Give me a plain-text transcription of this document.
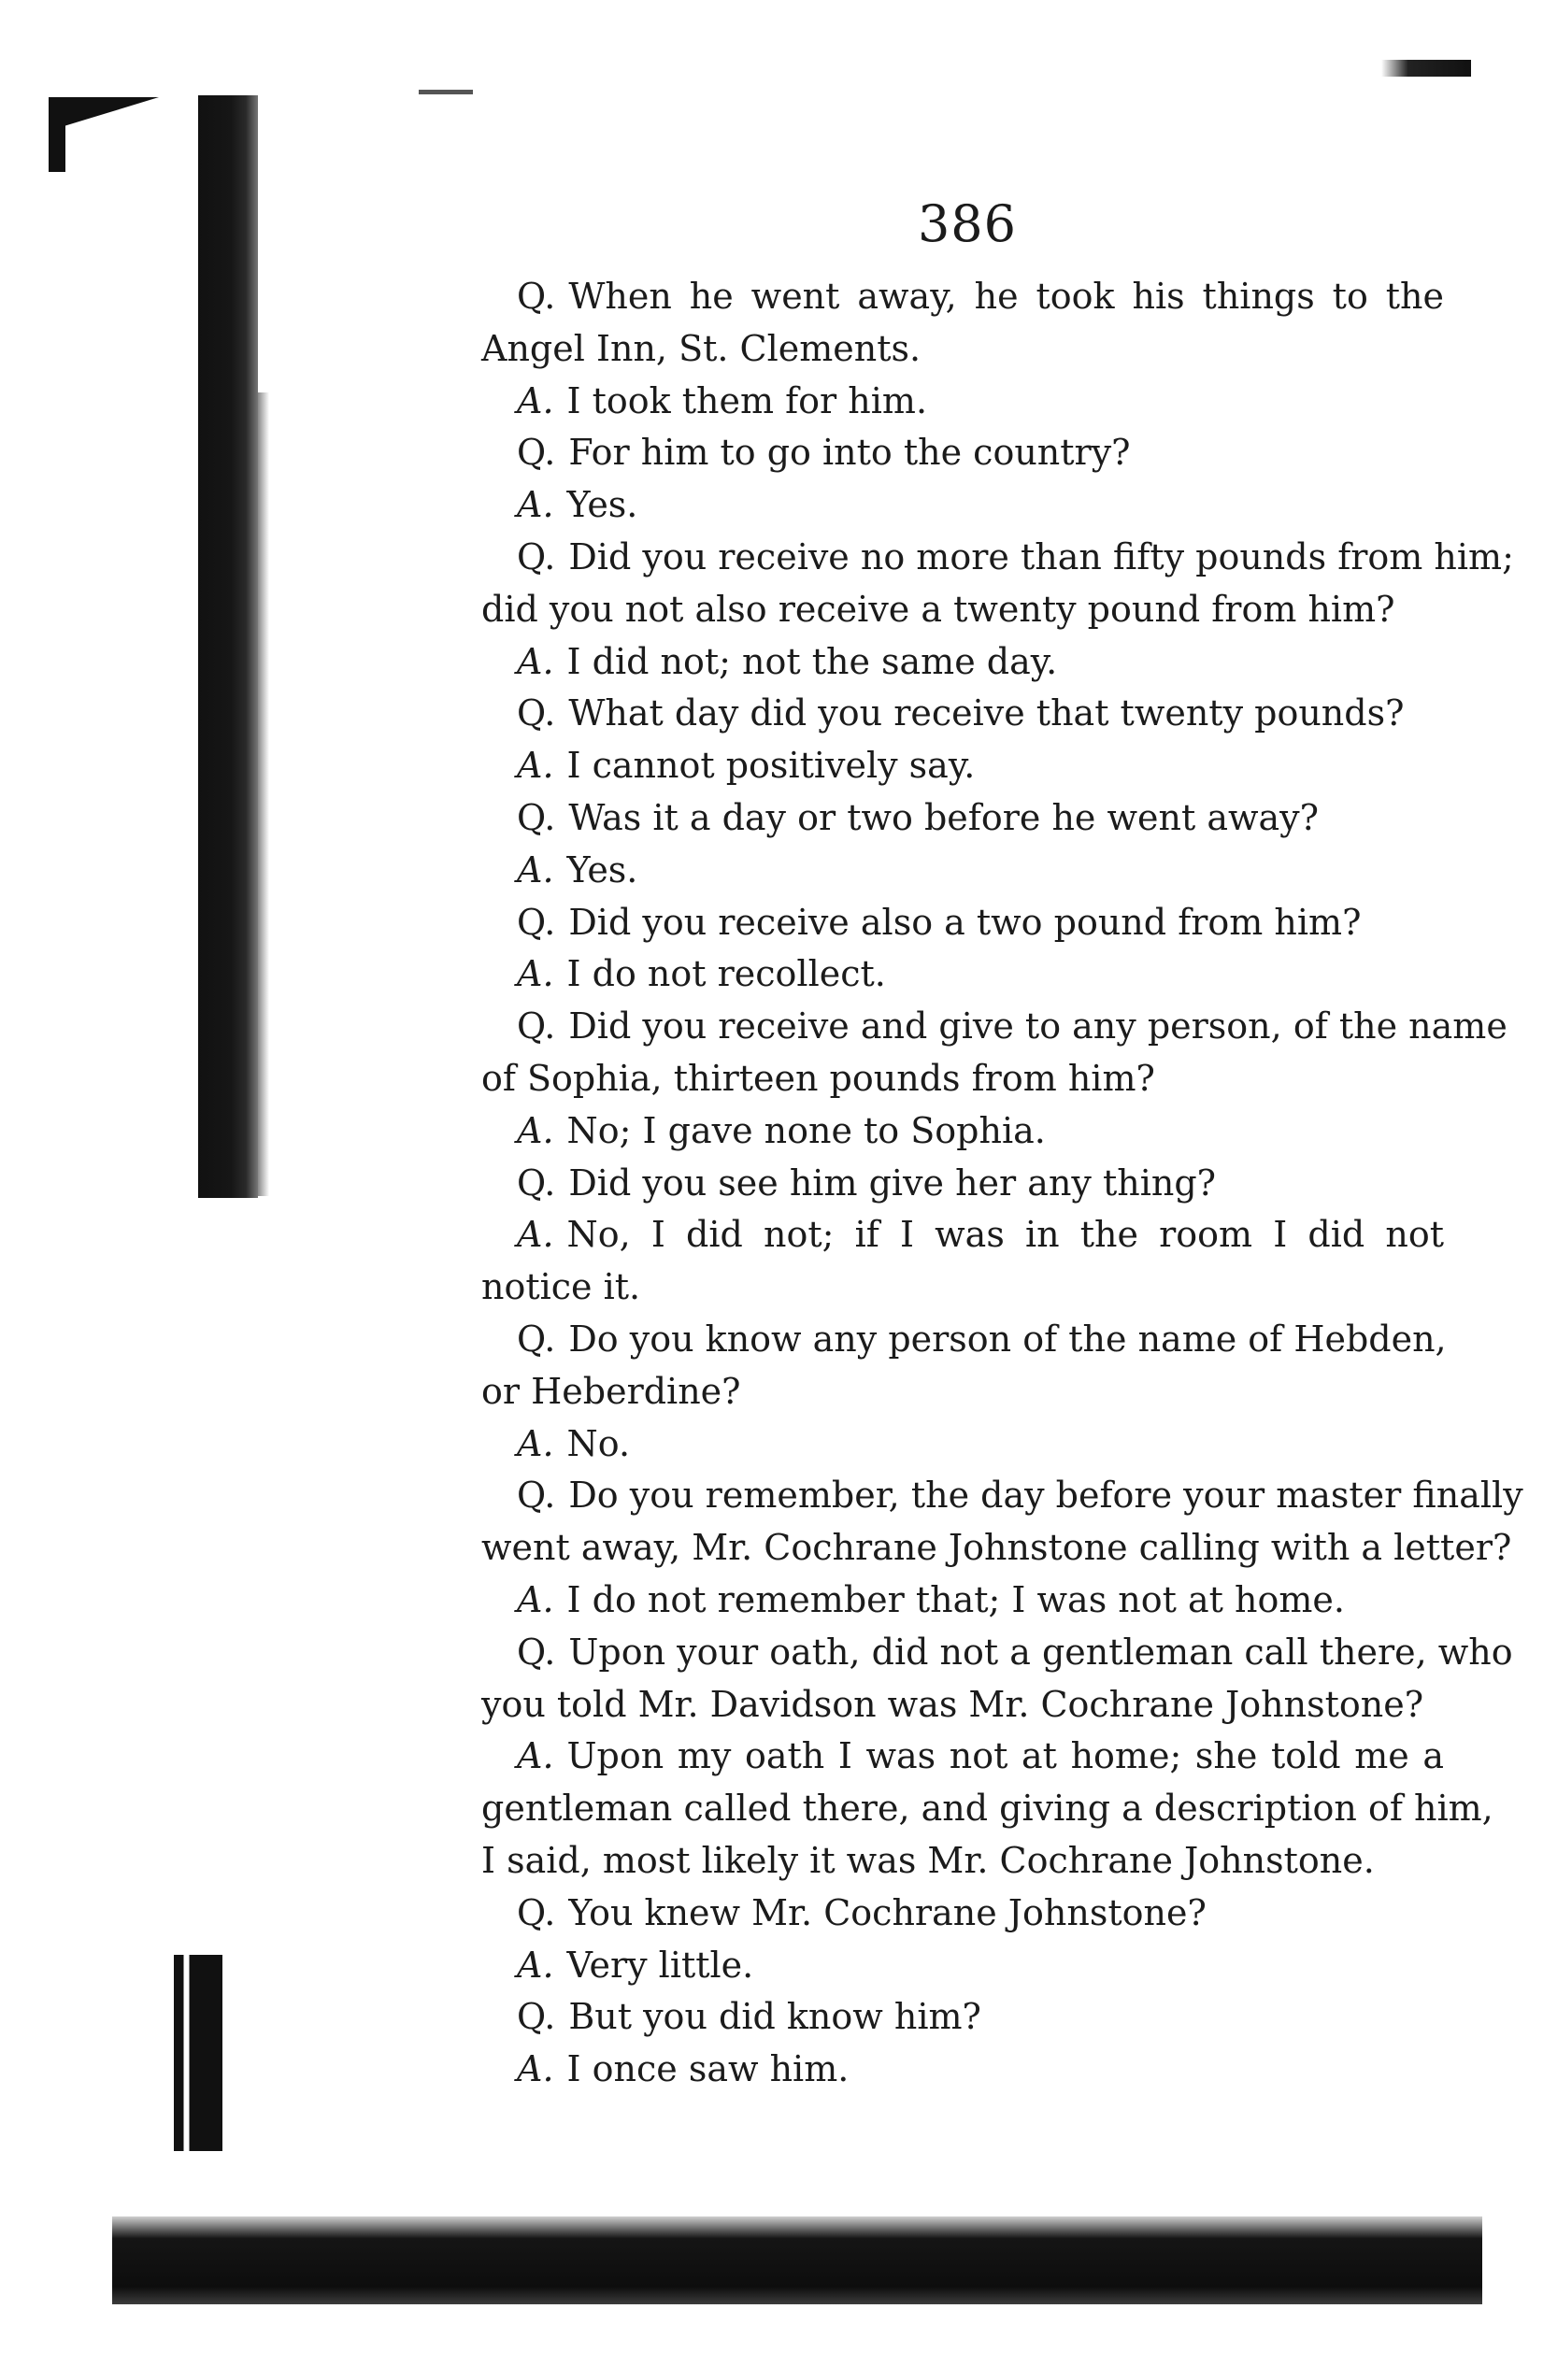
386
Q. When he went away, he took his things to the
Angel Inn, St. Clements.
A. I took them for him.
Q. For him to go into the country?
A. Yes.
Q. Did you receive no more than fifty pounds from him;
did you not also receive a twenty pound from him?
A. I did not; not the same day.
Q. What day did you receive that twenty pounds?
A. I cannot positively say.
Q. Was it a day or two before he went away?
A. Yes.
Q. Did you receive also a two pound from him?
A. I do not recollect.
Q. Did you receive and give to any person, of the name
of Sophia, thirteen pounds from him?
A. No; I gave none to Sophia.
Q. Did you see him give her any thing?
A. No, I did not; if I was in the room I did not
notice it.
Q. Do you know any person of the name of Hebden,
or Heberdine?
A. No.
Q. Do you remember, the day before your master finally
went away, Mr. Cochrane Johnstone calling with a letter?
A. I do not remember that; I was not at home.
Q. Upon your oath, did not a gentleman call there, who
you told Mr. Davidson was Mr. Cochrane Johnstone?
A. Upon my oath I was not at home; she told me a
gentleman called there, and giving a description of him,
I said, most likely it was Mr. Cochrane Johnstone.
Q. You knew Mr. Cochrane Johnstone?
A. Very little.
Q. But you did know him?
A. I once saw him.
